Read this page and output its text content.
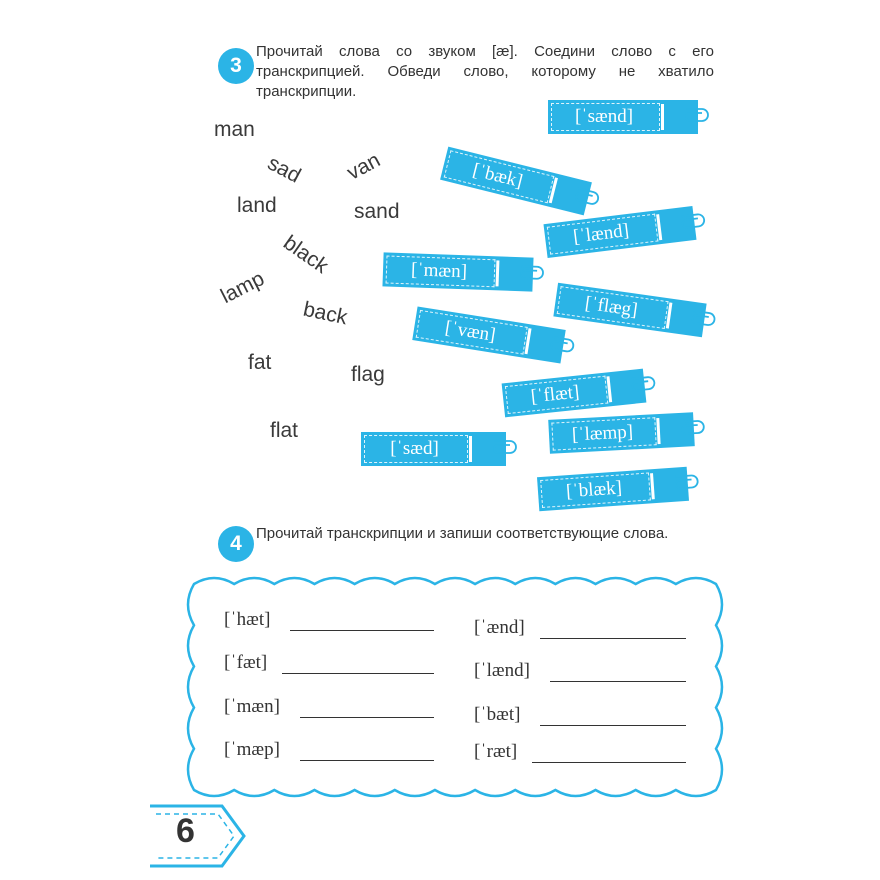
3
Прочитай слова со звуком [æ]. Соедини слово с его транскрипцией. Обведи слово, которому не хватило транскрипции.
man
sad van
land	sand
black
lamp
back
fat
flag
flat
[ˈsænd]
[ˈbæk]
[ˈlænd]
[ˈmæn]
[ˈflæg]
[ˈvæn]
[ˈflæt]
[ˈsæd]
[ˈlæmp]
[ˈblæk]
4 Прочитай транскрипции и запиши соответствующие слова.
[ˈhæt]
[ˈfæt]
[ˈmæn]
[ˈmæp]
[ˈænd]
[ˈlænd]
[ˈbæt]
[ˈræt]
6
